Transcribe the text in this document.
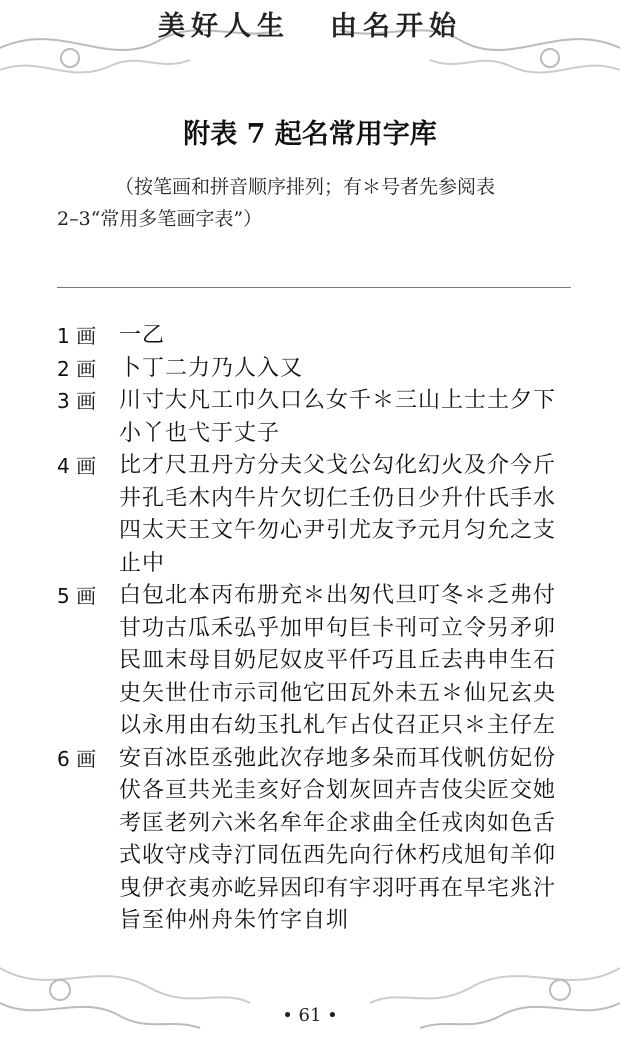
美好人生 由名开始
附表 7 起名常用字库
（按笔画和拼音顺序排列；有＊号者先参阅表
2–3“常用多笔画字表”）
1 画	一乙
2 画	卜丁二力乃人入又
3 画	川寸大凡工巾久口么女千＊三山上士土夕下小丫也弋于丈子
4 画	比才尺丑丹方分夫父戈公勾化幻火及介今斤井孔毛木内牛片欠切仁壬仍日少升什氏手水四太天王文午勿心尹引尤友予元月匀允之支止中
5 画	白包北本丙布册充＊出匆代旦叮冬＊乏弗付甘功古瓜禾弘乎加甲句巨卡刊可立令另矛卯民皿末母目奶尼奴皮平仟巧且丘去冉申生石史矢世仕市示司他它田瓦外未五＊仙兄玄央以永用由右幼玉扎札乍占仗召正只＊主仔左
6 画	安百冰臣丞弛此次存地多朵而耳伐帆仿妃份伏各亘共光圭亥好合划灰回卉吉伎尖匠交她考匡老列六米名牟年企求曲全任戎肉如色舌式收守戍寺汀同伍西先向行休朽戌旭旬羊仰曳伊衣夷亦屹异因印有宇羽吁再在早宅兆汁旨至仲州舟朱竹字自圳
• 61 •
